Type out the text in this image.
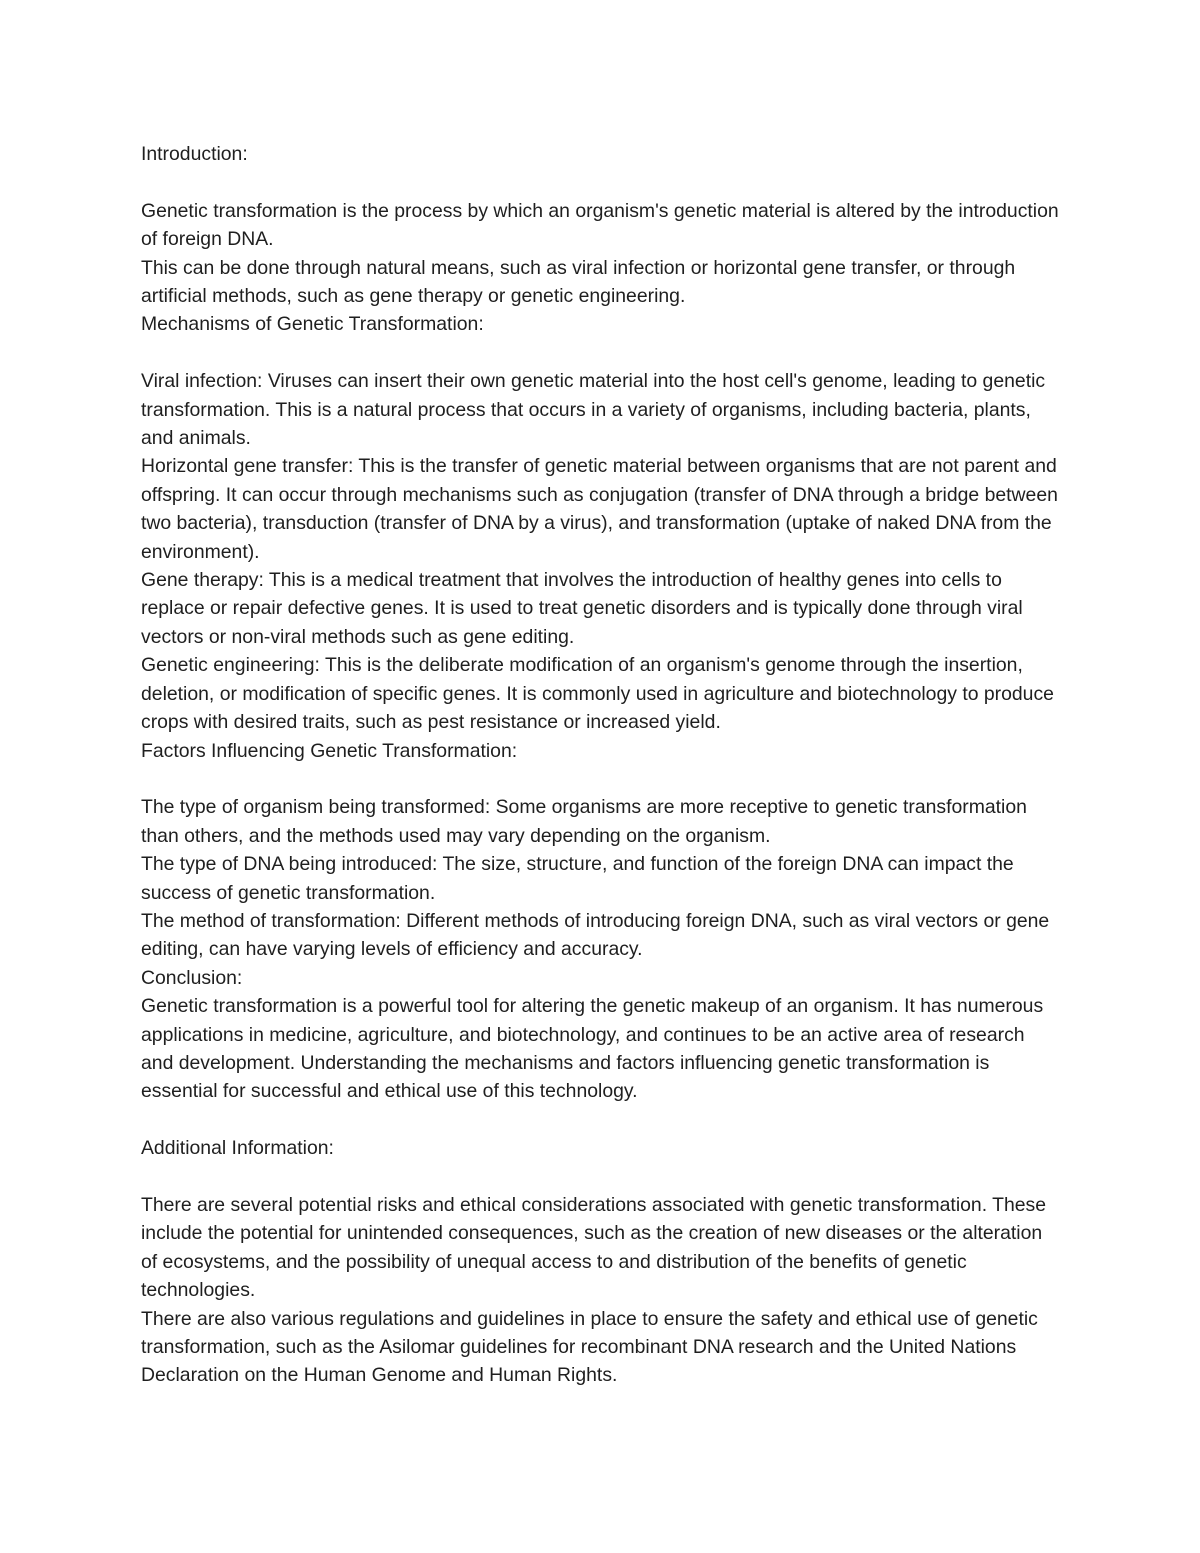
Introduction:

Genetic transformation is the process by which an organism's genetic material is altered by the introduction of foreign DNA.

This can be done through natural means, such as viral infection or horizontal gene transfer, or through artificial methods, such as gene therapy or genetic engineering.

Mechanisms of Genetic Transformation:

Viral infection: Viruses can insert their own genetic material into the host cell's genome, leading to genetic transformation. This is a natural process that occurs in a variety of organisms, including bacteria, plants, and animals.

Horizontal gene transfer: This is the transfer of genetic material between organisms that are not parent and offspring. It can occur through mechanisms such as conjugation (transfer of DNA through a bridge between two bacteria), transduction (transfer of DNA by a virus), and transformation (uptake of naked DNA from the environment).

Gene therapy: This is a medical treatment that involves the introduction of healthy genes into cells to replace or repair defective genes. It is used to treat genetic disorders and is typically done through viral vectors or non-viral methods such as gene editing.

Genetic engineering: This is the deliberate modification of an organism's genome through the insertion, deletion, or modification of specific genes. It is commonly used in agriculture and biotechnology to produce crops with desired traits, such as pest resistance or increased yield.

Factors Influencing Genetic Transformation:

The type of organism being transformed: Some organisms are more receptive to genetic transformation than others, and the methods used may vary depending on the organism.

The type of DNA being introduced: The size, structure, and function of the foreign DNA can impact the success of genetic transformation.

The method of transformation: Different methods of introducing foreign DNA, such as viral vectors or gene editing, can have varying levels of efficiency and accuracy.

Conclusion:

Genetic transformation is a powerful tool for altering the genetic makeup of an organism. It has numerous applications in medicine, agriculture, and biotechnology, and continues to be an active area of research and development. Understanding the mechanisms and factors influencing genetic transformation is essential for successful and ethical use of this technology.

Additional Information:

There are several potential risks and ethical considerations associated with genetic transformation. These include the potential for unintended consequences, such as the creation of new diseases or the alteration of ecosystems, and the possibility of unequal access to and distribution of the benefits of genetic technologies.

There are also various regulations and guidelines in place to ensure the safety and ethical use of genetic transformation, such as the Asilomar guidelines for recombinant DNA research and the United Nations Declaration on the Human Genome and Human Rights.
